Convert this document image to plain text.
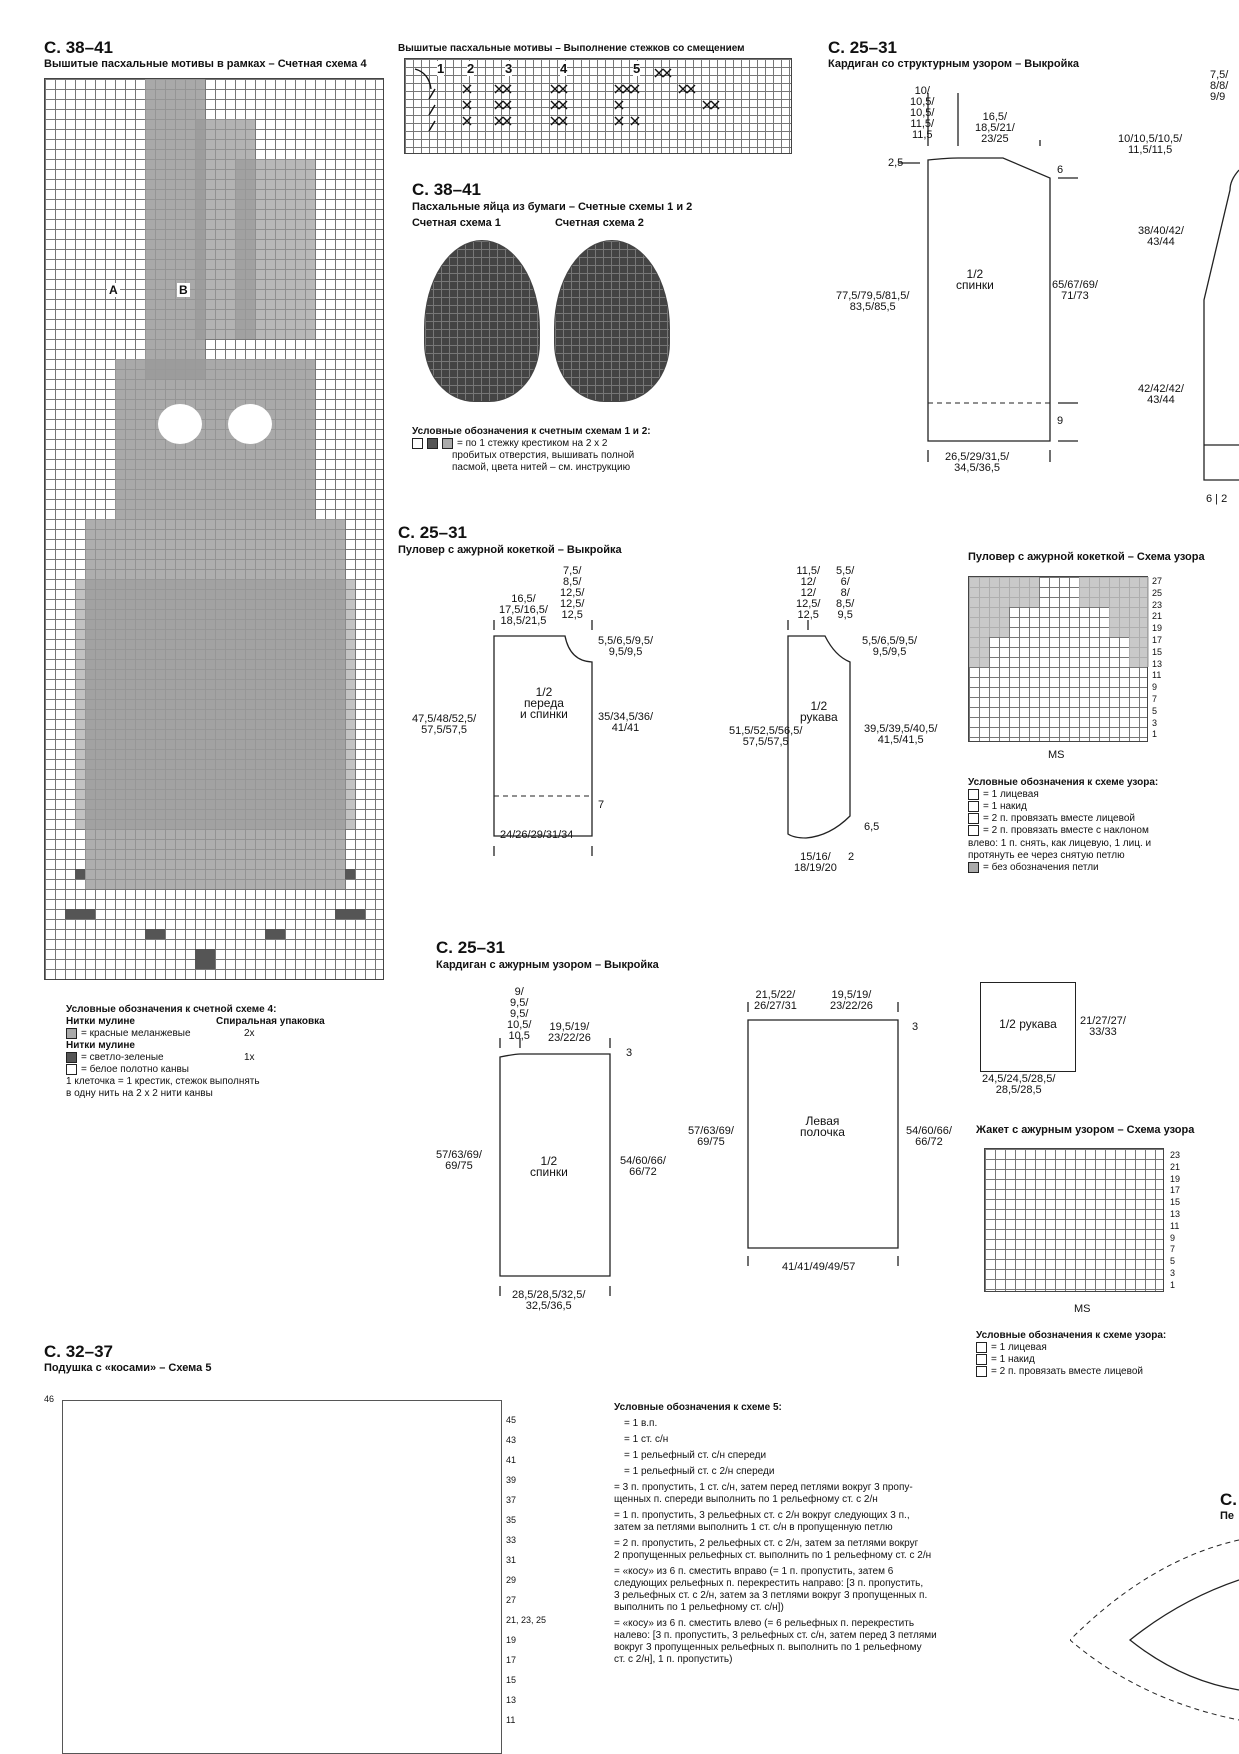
С. 38–41
Вышитые пасхальные мотивы в рамках – Счетная схема 4
А	В
Условные обозначения к счетной схеме 4:
Нитки мулине	Спиральная упаковка
= красные меланжевые	2х
Нитки мулине
= светло-зеленые	1х
= белое полотно канвы
1 клеточка = 1 крестик, стежок выполнять
в одну нить на 2 x 2 нити канвы
Вышитые пасхальные мотивы – Выполнение стежков со смещением
1 2 3	4	5
С. 38–41
Пасхальные яйца из бумаги – Счетные схемы 1 и 2
Счетная схема 1	Счетная схема 2
Условные обозначения к счетным схемам 1 и 2:
= по 1 стежку крестиком на 2 x 2
пробитых отверстия, вышивать полной
пасмой, цвета нитей – см. инструкцию
С. 25–31
Кардиган со структурным узором – Выкройка
10/
10,5/
10,5/
11,5/
11,5
16,5/
18,5/21/
23/25
2,5
6
1/2
спинки
77,5/79,5/81,5/
83,5/85,5
65/67/69/
71/73
9
26,5/29/31,5/
34,5/36,5
7,5/
8/8/
9/9
10/10,5/10,5/
11,5/11,5
38/40/42/
43/44
42/42/42/
43/44
6 | 2
С. 25–31
Пуловер с ажурной кокеткой – Выкройка
7,5/
8,5/
12,5/
12,5/
12,5
16,5/
17,5/16,5/
18,5/21,5
5,5/6,5/9,5/
9,5/9,5
1/2
переда
и спинки
47,5/48/52,5/
57,5/57,5
35/34,5/36/
41/41
7
24/26/29/31/34
11,5/
12/
12/
12,5/
12,5
5,5/
6/
8/
8,5/
9,5
5,5/6,5/9,5/
9,5/9,5
1/2
рукава
51,5/52,5/56,5/
57,5/57,5
39,5/39,5/40,5/
41,5/41,5
6,5
15/16/
18/19/20
2
Пуловер с ажурной кокеткой – Схема узора
27
25
23
21
19
17
15
13
11
9
7
5
3
1
MS
Условные обозначения к схеме узора:
= 1 лицевая
= 1 накид
= 2 п. провязать вместе лицевой
= 2 п. провязать вместе с наклоном
влево: 1 п. снять, как лицевую, 1 лиц. и
протянуть ее через снятую петлю
= без обозначения петли
С. 25–31
Кардиган с ажурным узором – Выкройка
9/
9,5/
9,5/
10,5/
10,5
19,5/19/
23/22/26
3
1/2
спинки
57/63/69/
69/75	54/60/66/
66/72
28,5/28,5/32,5/
32,5/36,5
21,5/22/
26/27/31
19,5/19/
23/22/26
3
Левая
полочка
57/63/69/
69/75
54/60/66/
66/72
41/41/49/49/57
1/2 рукава	21/27/27/
33/33
24,5/24,5/28,5/
28,5/28,5
Жакет с ажурным узором – Схема узора
23
21
19
17
15
13
11
9
7
5
3
1
MS
Условные обозначения к схеме узора:
= 1 лицевая
= 1 накид
= 2 п. провязать вместе лицевой
С. 32–37
Подушка с «косами» – Схема 5
46
45
43
41
39
37
35
33
31
29
27
21, 23, 25
19
17
15
13
11
Условные обозначения к схеме 5:
= 1 в.п.
= 1 ст. с/н
= 1 рельефный ст. с/н спереди
= 1 рельефный ст. с 2/н спереди
= 3 п. пропустить, 1 ст. с/н, затем перед петлями вокруг 3 пропу-
щенных п. спереди выполнить по 1 рельефному ст. с 2/н
= 1 п. пропустить, 3 рельефных ст. с 2/н вокруг следующих 3 п.,
затем за петлями выполнить 1 ст. с/н в пропущенную петлю
= 2 п. пропустить, 2 рельефных ст. с 2/н, затем за петлями вокруг
2 пропущенных рельефных ст. выполнить по 1 рельефному ст. с 2/н
= «косу» из 6 п. сместить вправо (= 1 п. пропустить, затем 6
следующих рельефных п. перекрестить направо: [3 п. пропустить,
3 рельефных ст. с 2/н, затем за 3 петлями вокруг 3 пропущенных п.
выполнить по 1 рельефному ст. с/н])
= «косу» из 6 п. сместить влево (= 6 рельефных п. перекрестить
налево: [3 п. пропустить, 3 рельефных ст. с/н, затем перед 3 петлями
вокруг 3 пропущенных рельефных п. выполнить по 1 рельефному
ст. с 2/н], 1 п. пропустить)
С.
Пе
